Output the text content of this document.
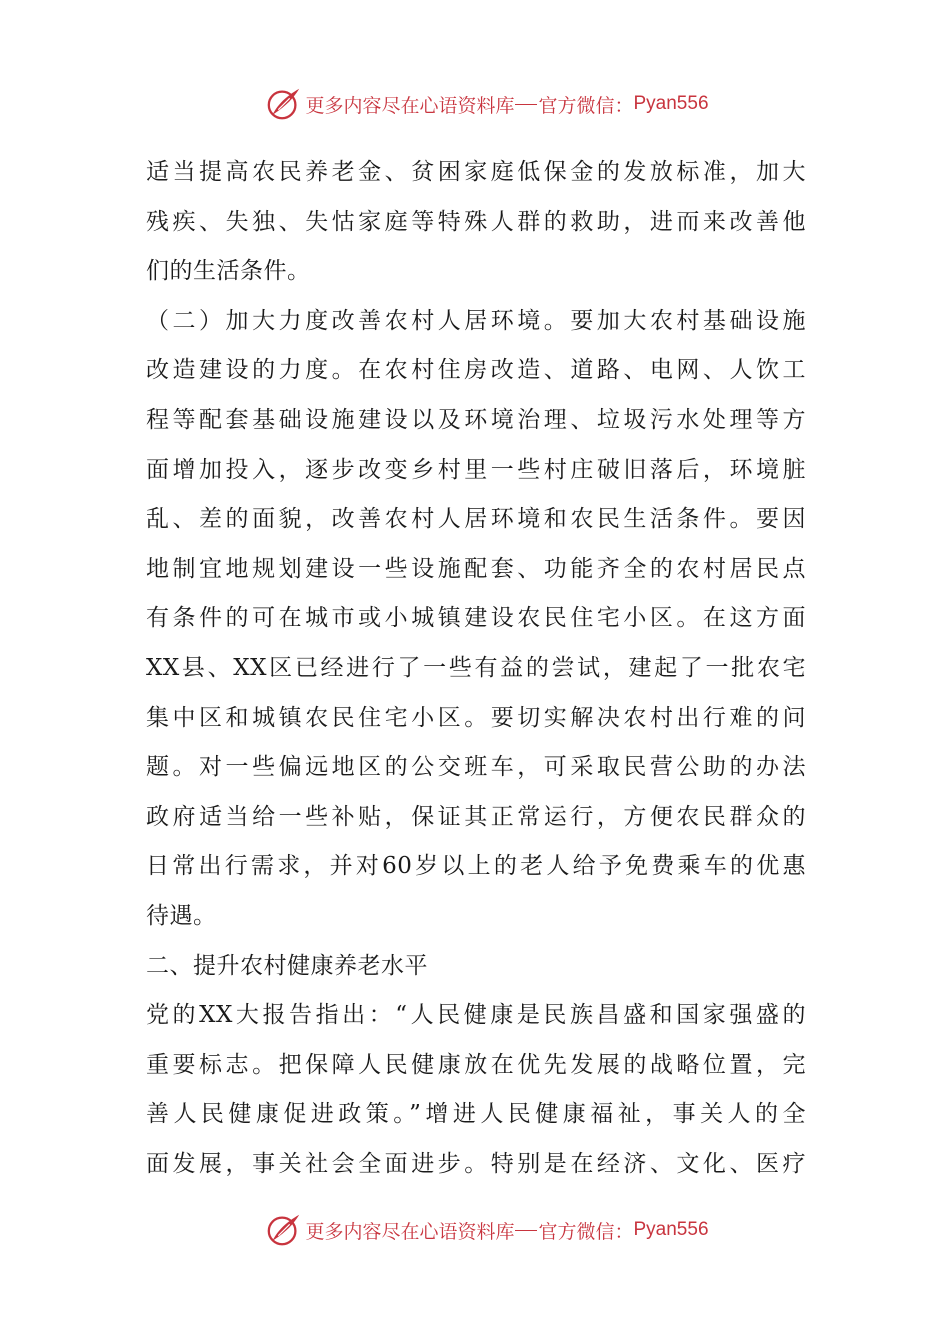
更多内容尽在心语资料库 官方微信： Pyan556
适当提高农民养老金、贫困家庭低保金的发放标准，加大
残疾、失独、失怙家庭等特殊人群的救助，进而来改善他
们的生活条件。
（二）加大力度改善农村人居环境。要加大农村基础设施
改造建设的力度。在农村住房改造、道路、电网、人饮工
程等配套基础设施建设以及环境治理、垃圾污水处理等方
面增加投入，逐步改变乡村里一些村庄破旧落后，环境脏
乱、差的面貌，改善农村人居环境和农民生活条件。要因
地制宜地规划建设一些设施配套、功能齐全的农村居民点
有条件的可在城市或小城镇建设农民住宅小区。在这方面
XX县、XX区已经进行了一些有益的尝试，建起了一批农宅
集中区和城镇农民住宅小区。要切实解决农村出行难的问
题。对一些偏远地区的公交班车，可采取民营公助的办法
政府适当给一些补贴，保证其正常运行，方便农民群众的
日常出行需求，并对60岁以上的老人给予免费乘车的优惠
待遇。
二、提升农村健康养老水平
党的XX大报告指出：“人民健康是民族昌盛和国家强盛的
重要标志。把保障人民健康放在优先发展的战略位置，完
善人民健康促进政策。”增进人民健康福祉，事关人的全
面发展，事关社会全面进步。特别是在经济、文化、医疗
更多内容尽在心语资料库 官方微信： Pyan556
